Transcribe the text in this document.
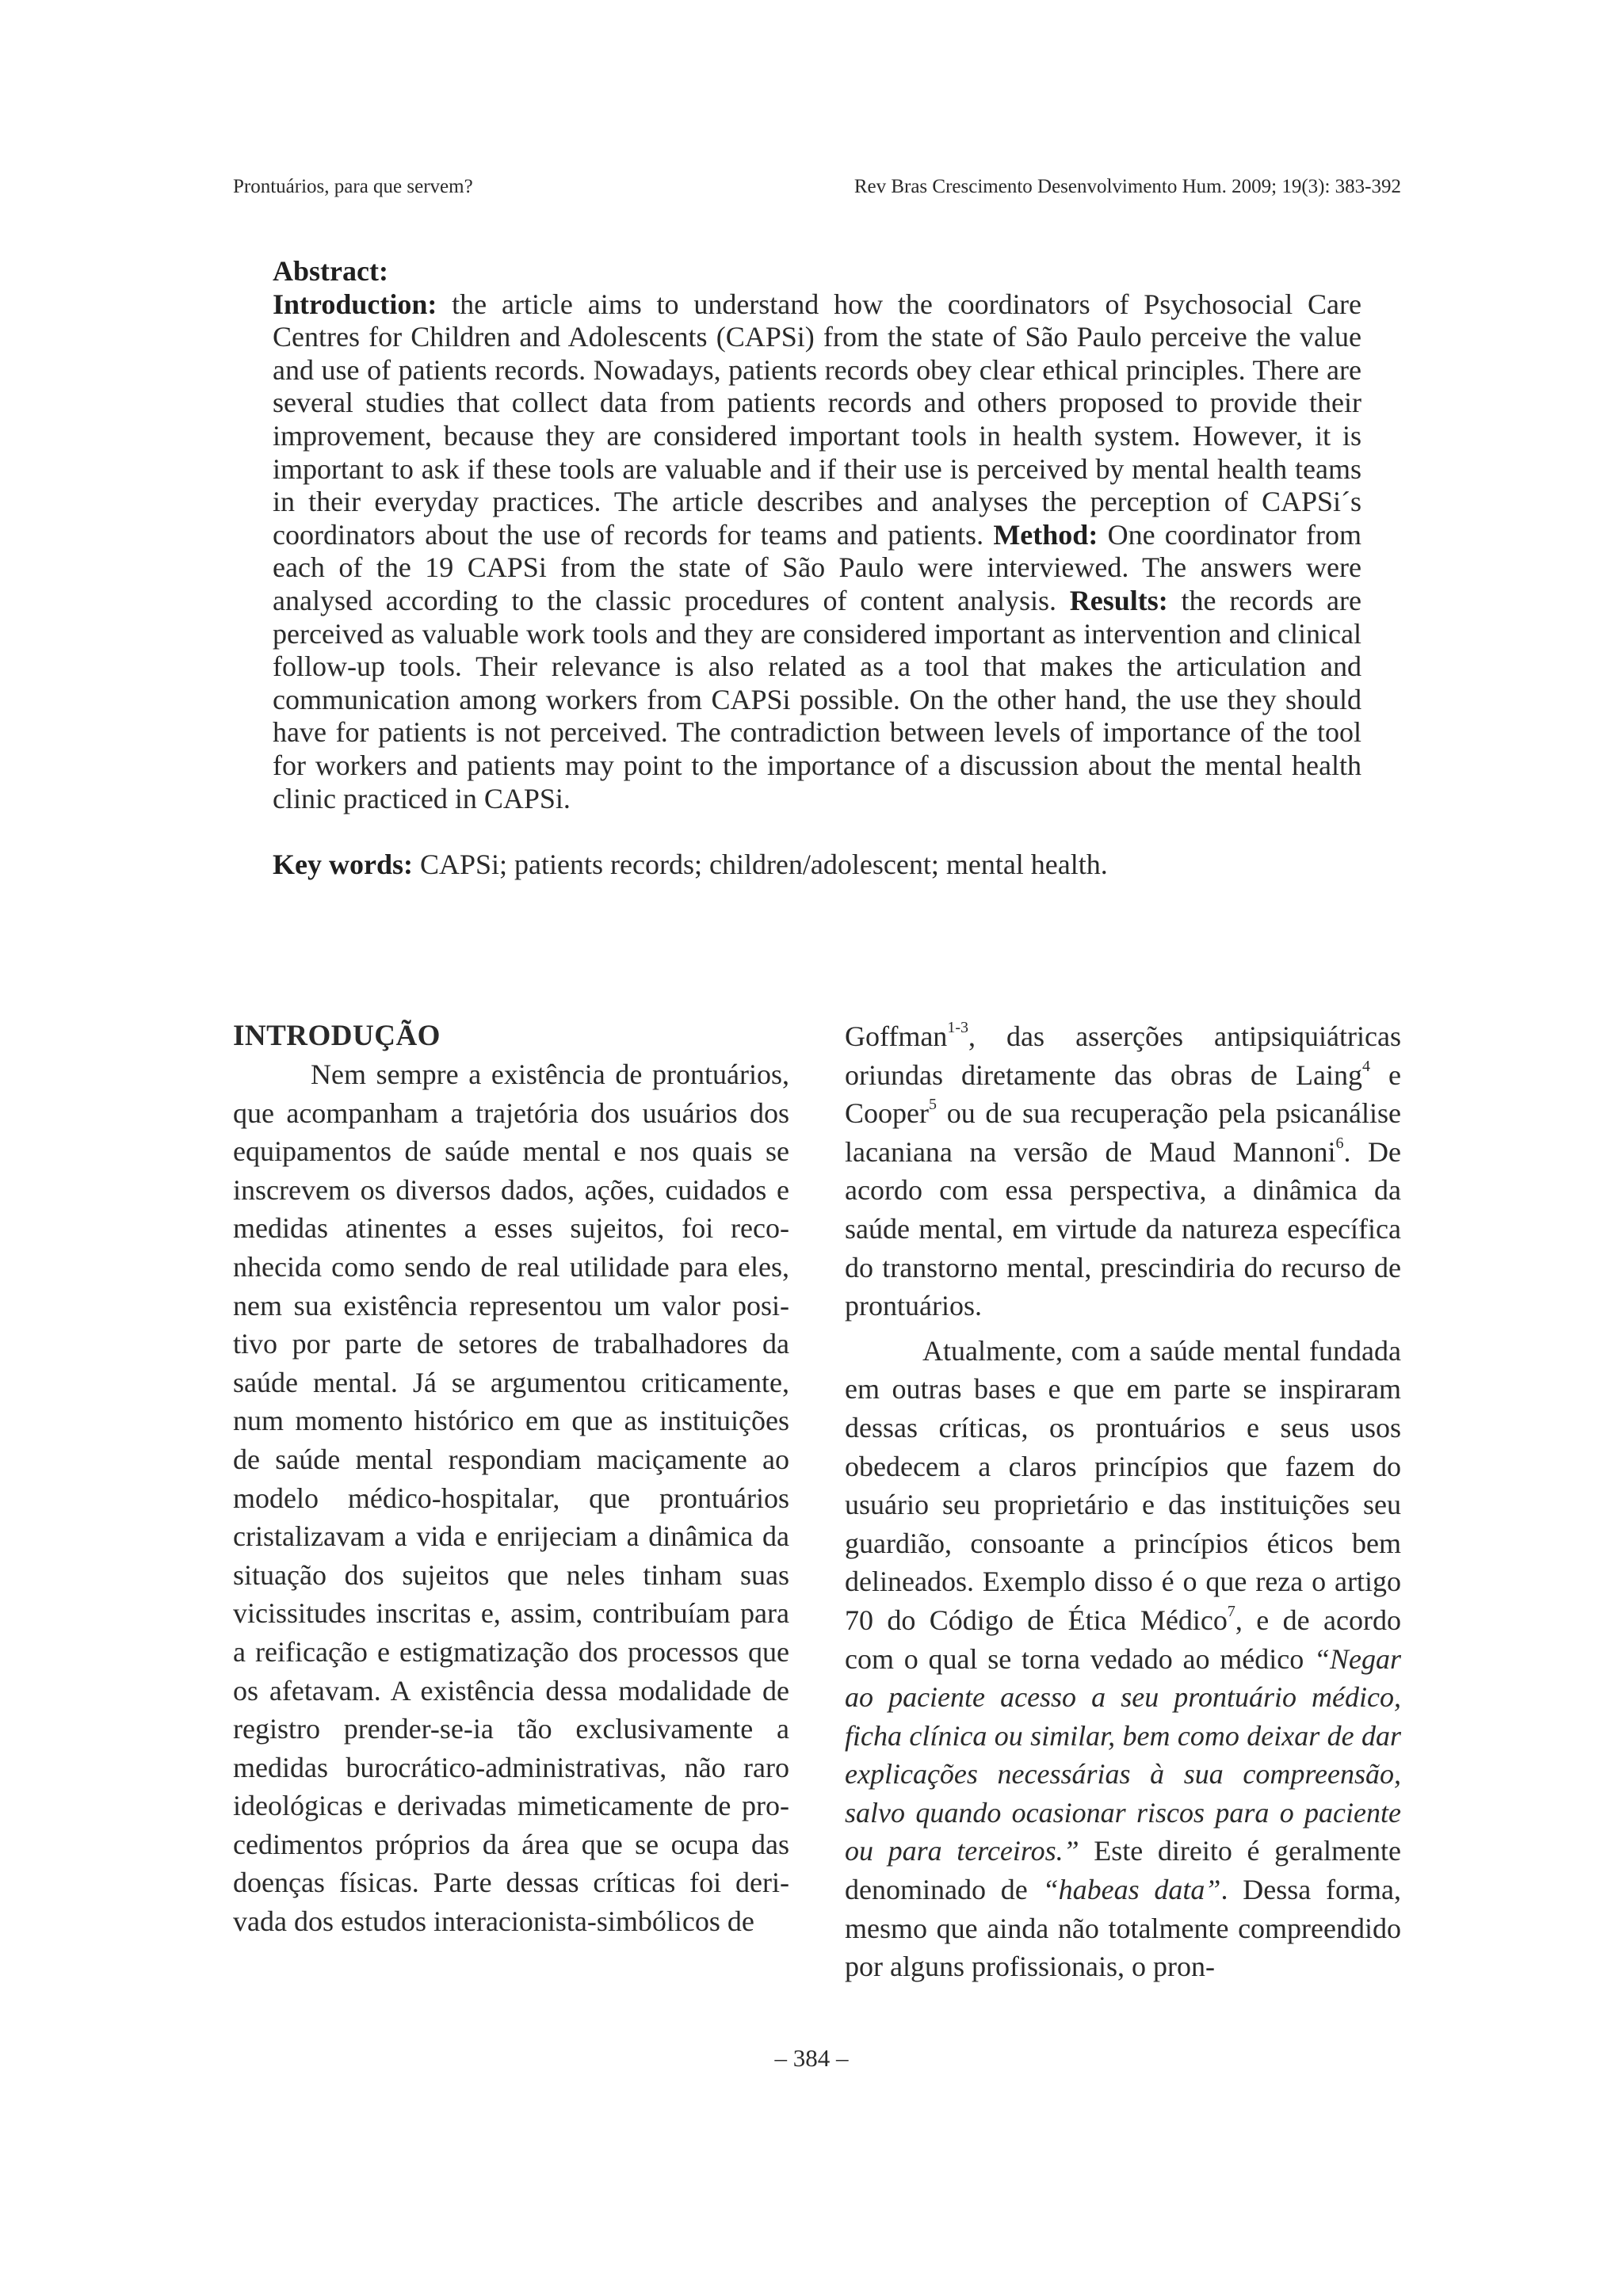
Prontuários, para que servem?	Rev Bras Crescimento Desenvolvimento Hum. 2009; 19(3): 383-392

Abstract:

Introduction: the article aims to understand how the coordinators of Psychosocial Care Centres for Children and Adolescents (CAPSi) from the state of São Paulo perceive the value and use of patients records. Nowadays, patients records obey clear ethical principles. There are several studies that collect data from patients records and others proposed to provide their improvement, because they are considered important tools in health system. However, it is important to ask if these tools are valuable and if their use is perceived by mental health teams in their everyday practices. The article describes and analyses the perception of CAPSi´s coordinators about the use of records for teams and patients. Method: One coordinator from each of the 19 CAPSi from the state of São Paulo were interviewed. The answers were analysed according to the classic procedures of content analysis. Results: the records are perceived as valuable work tools and they are considered important as intervention and clinical follow-up tools. Their relevance is also related as a tool that makes the articulation and communication among workers from CAPSi possible. On the other hand, the use they should have for patients is not perceived. The contradiction between levels of importance of the tool for workers and patients may point to the importance of a discussion about the mental health clinic practiced in CAPSi.

Key words: CAPSi; patients records; children/adolescent; mental health.

INTRODUÇÃO

Nem sempre a existência de prontuários, que acompanham a trajetória dos usuários dos equipamentos de saúde mental e nos quais se inscrevem os diversos dados, ações, cuidados e medidas atinentes a esses sujeitos, foi reconhecida como sendo de real utilidade para eles, nem sua existência representou um valor positivo por parte de setores de trabalhadores da saúde mental. Já se argumentou criticamente, num momento histórico em que as instituições de saúde mental respondiam maciçamente ao modelo médico-hospitalar, que prontuários cristalizavam a vida e enrijeciam a dinâmica da situação dos sujeitos que neles tinham suas vicissitudes inscritas e, assim, contribuíam para a reificação e estigmatização dos processos que os afetavam. A existência dessa modalidade de registro prender-se-ia tão exclusivamente a medidas burocrático-administrativas, não raro ideológicas e derivadas mimeticamente de procedimentos próprios da área que se ocupa das doenças físicas. Parte dessas críticas foi derivada dos estudos interacionista-simbólicos de

Goffman$^{1-3}$, das asserções antipsiquiátricas oriundas diretamente das obras de Laing$^4$ e Cooper$^5$ ou de sua recuperação pela psicanálise lacaniana na versão de Maud Mannoni$^6$. De acordo com essa perspectiva, a dinâmica da saúde mental, em virtude da natureza específica do transtorno mental, prescindiria do recurso de prontuários.

Atualmente, com a saúde mental fundada em outras bases e que em parte se inspiraram dessas críticas, os prontuários e seus usos obedecem a claros princípios que fazem do usuário seu proprietário e das instituições seu guardião, consoante a princípios éticos bem delineados. Exemplo disso é o que reza o artigo 70 do Código de Ética Médico$^7$, e de acordo com o qual se torna vedado ao médico “Negar ao paciente acesso a seu prontuário médico, ficha clínica ou similar, bem como deixar de dar explicações necessárias à sua compreensão, salvo quando ocasionar riscos para o paciente ou para terceiros.” Este direito é geralmente denominado de “habeas data”. Dessa forma, mesmo que ainda não totalmente compreendido por alguns profissionais, o pron-

– 384 –
